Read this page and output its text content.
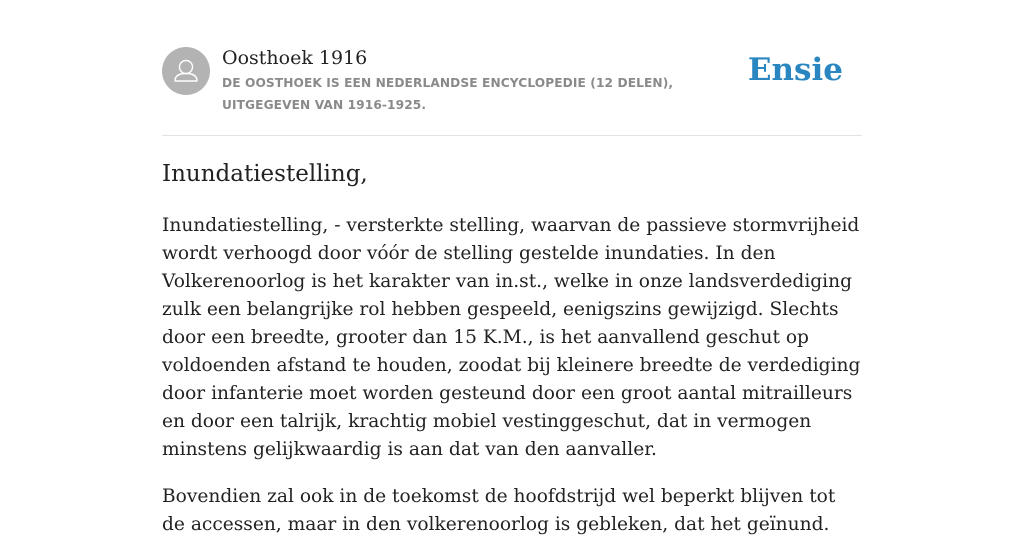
Oosthoek 1916
DE OOSTHOEK IS EEN NEDERLANDSE ENCYCLOPEDIE (12 DELEN), UITGEGEVEN VAN 1916-1925.
Ensie
Inundatiestelling,

Inundatiestelling, - versterkte stelling, waarvan de passieve stormvrijheid wordt verhoogd door vóór de stelling gestelde inundaties. In den Volkerenoorlog is het karakter van in.st., welke in onze landsverdediging zulk een belangrijke rol hebben gespeeld, eenigszins gewijzigd. Slechts door een breedte, grooter dan 15 K.M., is het aanvallend geschut op voldoenden afstand te houden, zoodat bij kleinere breedte de verdediging door infanterie moet worden gesteund door een groot aantal mitrailleurs en door een talrijk, krachtig mobiel vestinggeschut, dat in vermogen minstens gelijkwaardig is aan dat van den aanvaller.

Bovendien zal ook in de toekomst de hoofdstrijd wel beperkt blijven tot de accessen, maar in den volkerenoorlog is gebleken, dat het geïnund.
